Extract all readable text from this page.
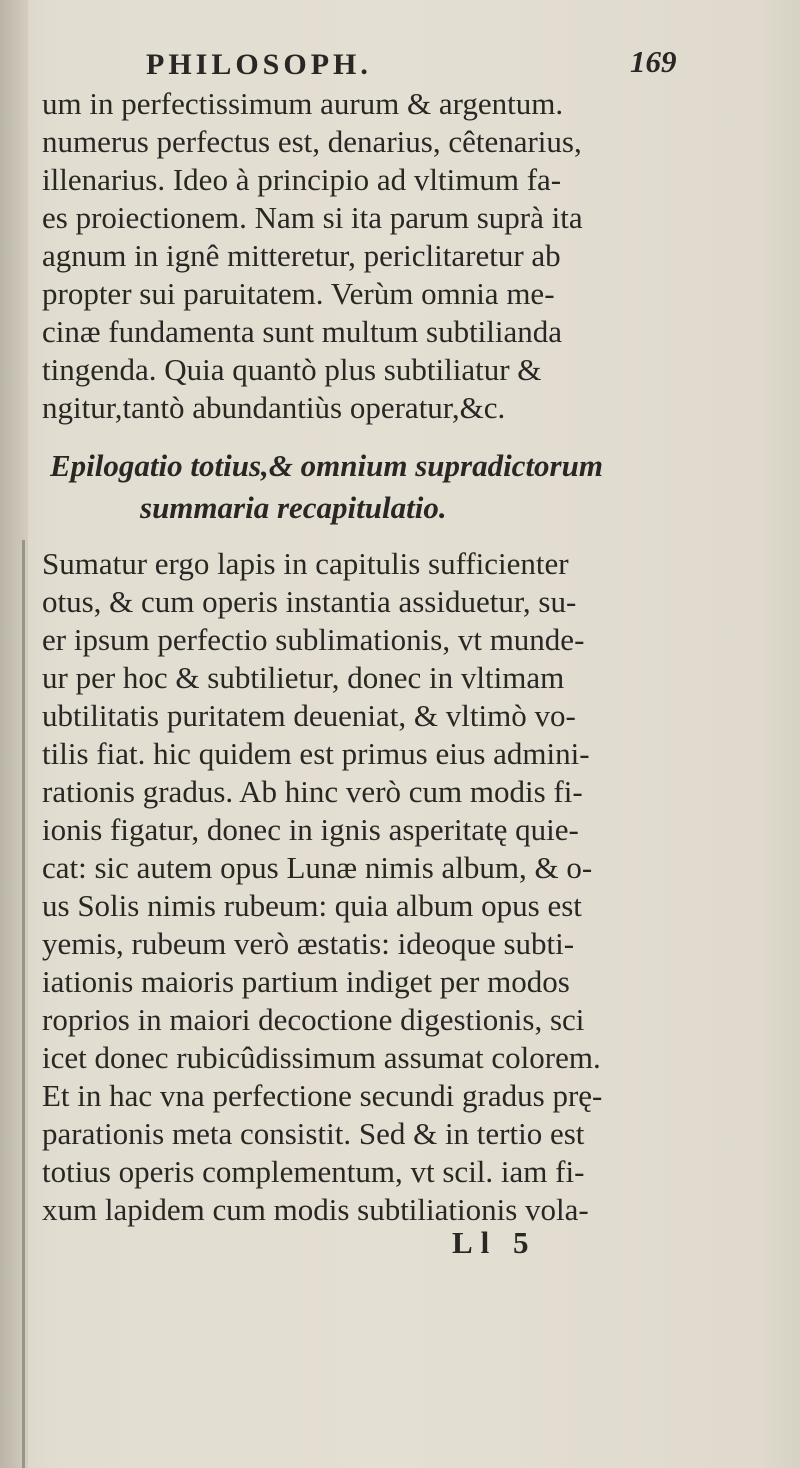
PHILOSOPH.	169
um in perfectissimum aurum & argentum.
numerus perfectus est, denarius, cêtenarius,
illenarius. Ideo à principio ad vltimum fa-
es proiectionem. Nam si ita parum suprà ita
agnum in ignê mitteretur, periclitaretur ab
propter sui paruitatem. Verùm omnia me-
cinæ fundamenta sunt multum subtilianda
tingenda. Quia quantò plus subtiliatur &
ngitur,tantò abundantiùs operatur,&c.
Epilogatio totius,& omnium supradictorum
summaria recapitulatio.
Sumatur ergo lapis in capitulis sufficienter
otus, & cum operis instantia assiduetur, su-
er ipsum perfectio sublimationis, vt munde-
ur per hoc & subtilietur, donec in vltimam
ubtilitatis puritatem deueniat, & vltimò vo-
tilis fiat. hic quidem est primus eius admini-
rationis gradus. Ab hinc verò cum modis fi-
ionis figatur, donec in ignis asperitatę quie-
cat: sic autem opus Lunæ nimis album, & o-
us Solis nimis rubeum: quia album opus est
yemis, rubeum verò æstatis: ideoque subti-
iationis maioris partium indiget per modos
roprios in maiori decoctione digestionis, sci
icet donec rubicûdissimum assumat colorem.
Et in hac vna perfectione secundi gradus prę-
parationis meta consistit. Sed & in tertio est
totius operis complementum, vt scil. iam fi-
xum lapidem cum modis subtiliationis vola-
Ll 5
